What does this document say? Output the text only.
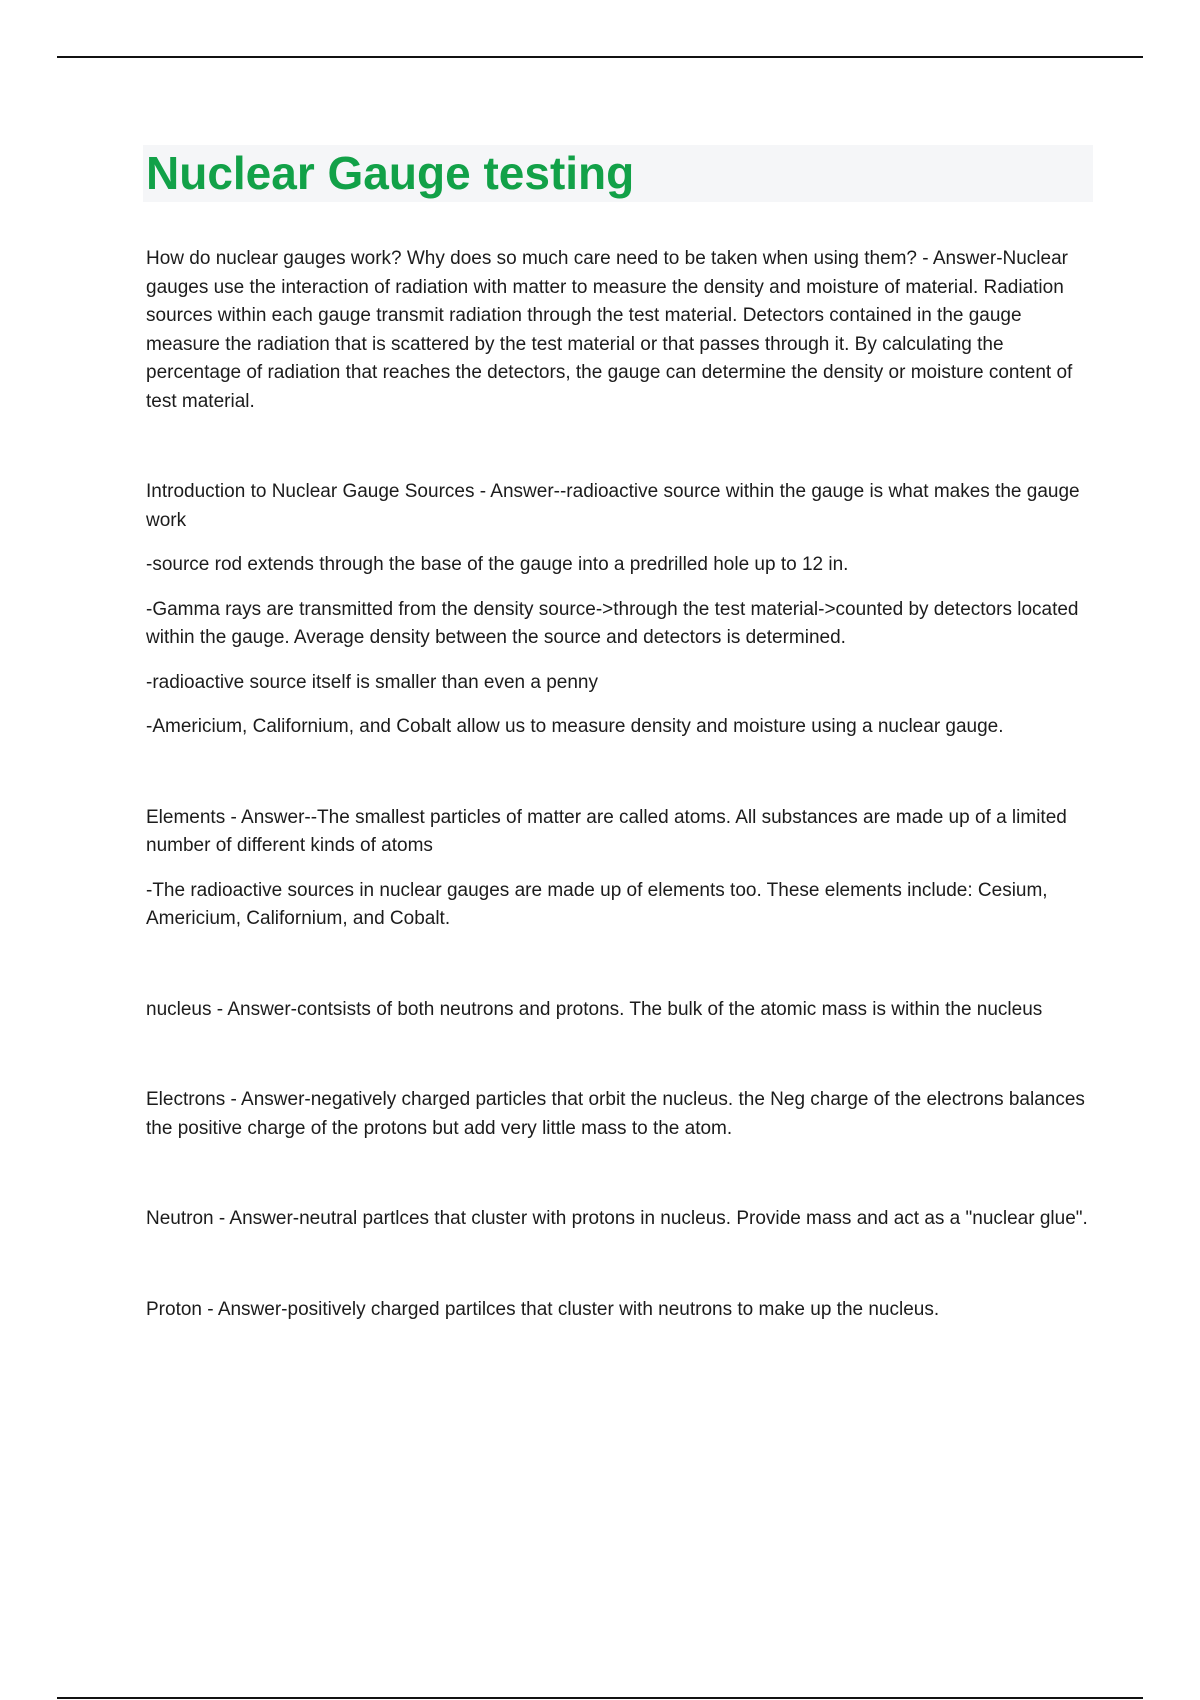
Nuclear Gauge testing

How do nuclear gauges work? Why does so much care need to be taken when using them? - Answer-Nuclear gauges use the interaction of radiation with matter to measure the density and moisture of material. Radiation sources within each gauge transmit radiation through the test material. Detectors contained in the gauge measure the radiation that is scattered by the test material or that passes through it. By calculating the percentage of radiation that reaches the detectors, the gauge can determine the density or moisture content of test material.

Introduction to Nuclear Gauge Sources - Answer--radioactive source within the gauge is what makes the gauge work

-source rod extends through the base of the gauge into a predrilled hole up to 12 in.

-Gamma rays are transmitted from the density source->through the test material->counted by detectors located within the gauge. Average density between the source and detectors is determined.

-radioactive source itself is smaller than even a penny

-Americium, Californium, and Cobalt allow us to measure density and moisture using a nuclear gauge.

Elements - Answer--The smallest particles of matter are called atoms. All substances are made up of a limited number of different kinds of atoms

-The radioactive sources in nuclear gauges are made up of elements too. These elements include: Cesium, Americium, Californium, and Cobalt.

nucleus - Answer-contsists of both neutrons and protons. The bulk of the atomic mass is within the nucleus

Electrons - Answer-negatively charged particles that orbit the nucleus. the Neg charge of the electrons balances the positive charge of the protons but add very little mass to the atom.

Neutron - Answer-neutral partlces that cluster with protons in nucleus. Provide mass and act as a "nuclear glue".

Proton - Answer-positively charged partilces that cluster with neutrons to make up the nucleus.
